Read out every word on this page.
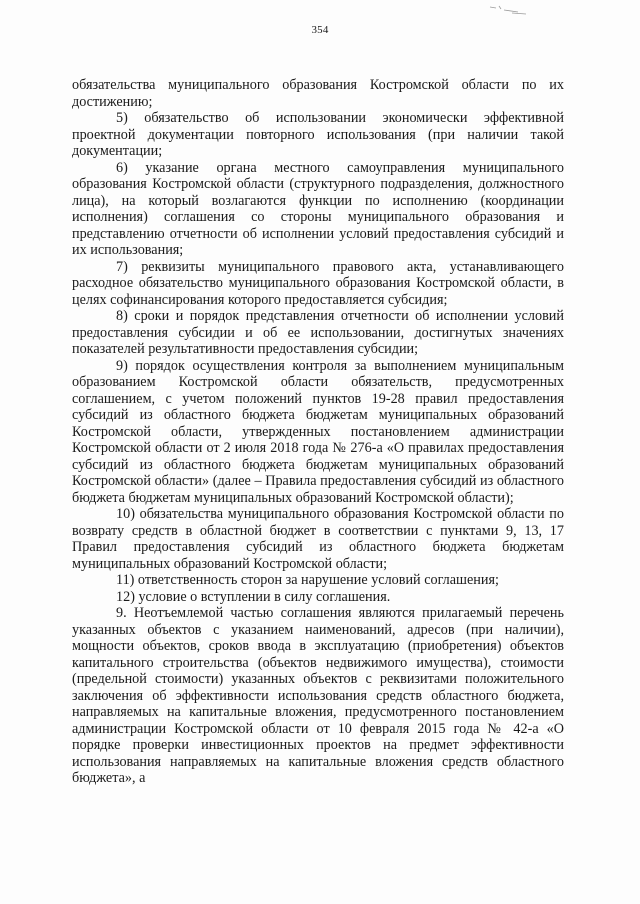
354

обязательства муниципального образования Костромской области по их достижению;

5) обязательство об использовании экономически эффективной проектной документации повторного использования (при наличии такой документации;

6) указание органа местного самоуправления муниципального образования Костромской области (структурного подразделения, должностного лица), на который возлагаются функции по исполнению (координации исполнения) соглашения со стороны муниципального образования и представлению отчетности об исполнении условий предоставления субсидий и их использования;

7) реквизиты муниципального правового акта, устанавливающего расходное обязательство муниципального образования Костромской области, в целях софинансирования которого предоставляется субсидия;

8) сроки и порядок представления отчетности об исполнении условий предоставления субсидии и об ее использовании, достигнутых значениях показателей результативности предоставления субсидии;

9) порядок осуществления контроля за выполнением муниципальным образованием Костромской области обязательств, предусмотренных соглашением, с учетом положений пунктов 19-28 правил предоставления субсидий из областного бюджета бюджетам муниципальных образований Костромской области, утвержденных постановлением администрации Костромской области от 2 июля 2018 года № 276-а «О правилах предоставления субсидий из областного бюджета бюджетам муниципальных образований Костромской области» (далее – Правила предоставления субсидий из областного бюджета бюджетам муниципальных образований Костромской области);

10) обязательства муниципального образования Костромской области по возврату средств в областной бюджет в соответствии с пунктами 9, 13, 17 Правил предоставления субсидий из областного бюджета бюджетам муниципальных образований Костромской области;

11) ответственность сторон за нарушение условий соглашения;

12) условие о вступлении в силу соглашения.

9. Неотъемлемой частью соглашения являются прилагаемый перечень указанных объектов с указанием наименований, адресов (при наличии), мощности объектов, сроков ввода в эксплуатацию (приобретения) объектов капитального строительства (объектов недвижимого имущества), стоимости (предельной стоимости) указанных объектов с реквизитами положительного заключения об эффективности использования средств областного бюджета, направляемых на капитальные вложения, предусмотренного постановлением администрации Костромской области от 10 февраля 2015 года № 42-а «О порядке проверки инвестиционных проектов на предмет эффективности использования направляемых на капитальные вложения средств областного бюджета», а
